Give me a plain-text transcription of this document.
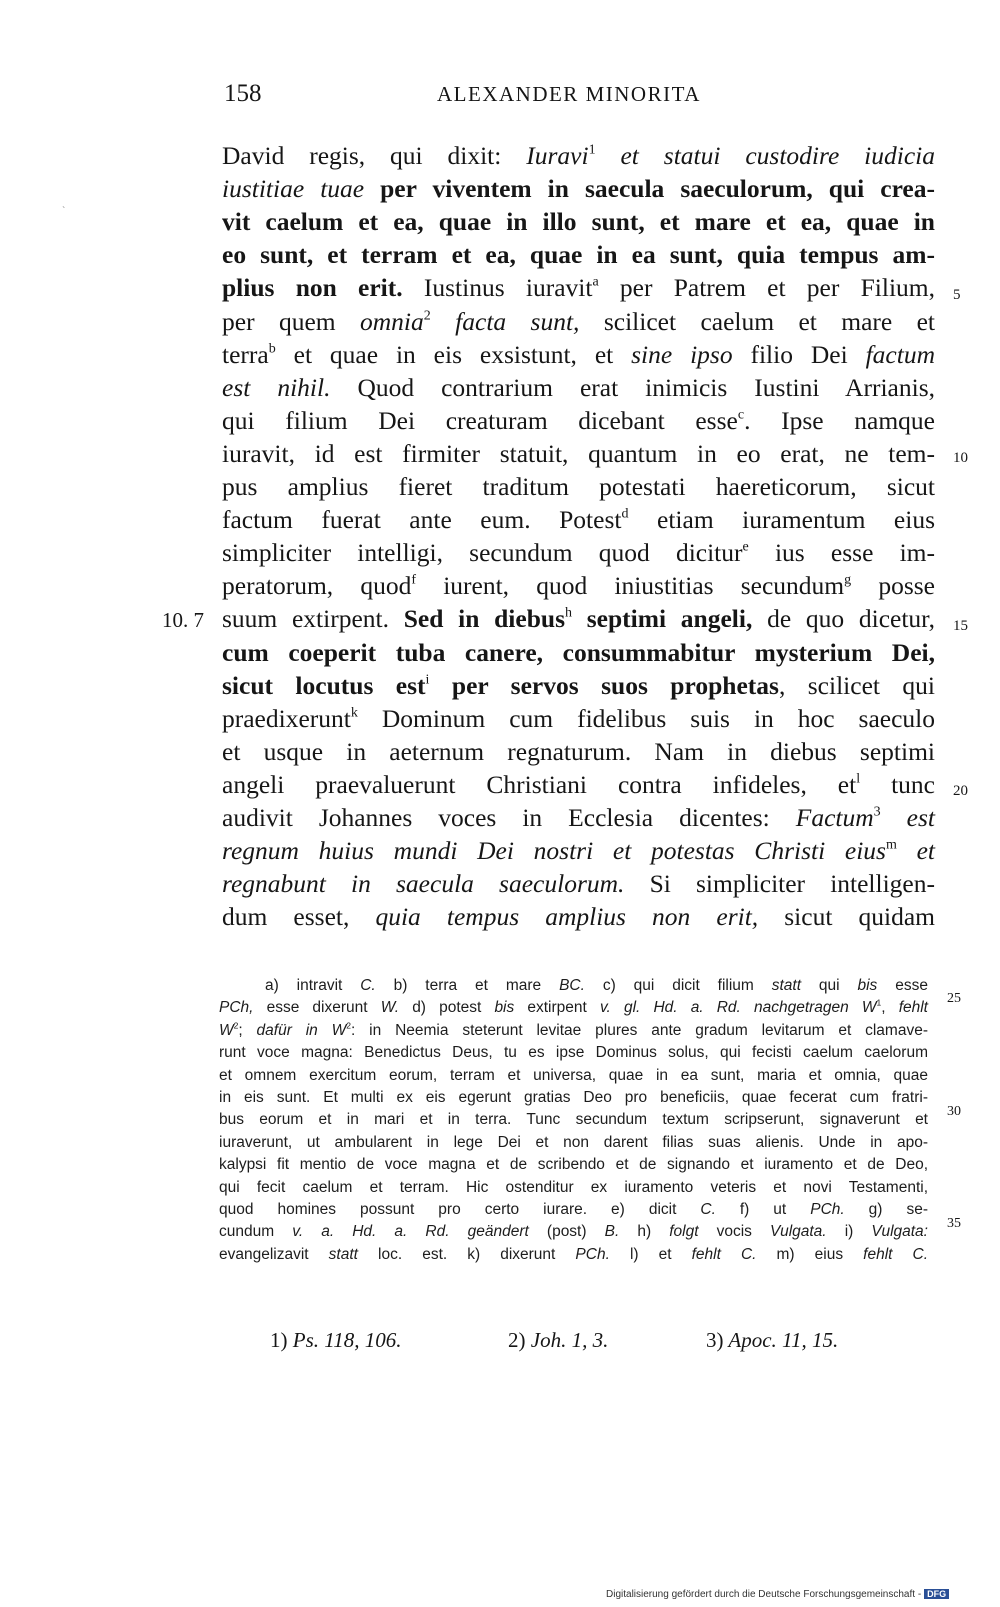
158	ALEXANDER MINORITA
ˋ
David regis, qui dixit: Iuravi$^1$ et statui custodire iudicia
iustitiae tuae per viventem in saecula saeculorum, qui crea-
vit caelum et ea, quae in illo sunt, et mare et ea, quae in
eo sunt, et terram et ea, quae in ea sunt, quia tempus am-
plius non erit. Iustinus iuravit$^a$ per Patrem et per Filium,
per quem omnia$^2$ facta sunt, scilicet caelum et mare et
terra$^b$ et quae in eis exsistunt, et sine ipso filio Dei factum
est nihil. Quod contrarium erat inimicis Iustini Arrianis,
qui filium Dei creaturam dicebant esse$^c$. Ipse namque
iuravit, id est firmiter statuit, quantum in eo erat, ne tem-
pus amplius fieret traditum potestati haereticorum, sicut
factum fuerat ante eum. Potest$^d$ etiam iuramentum eius
simpliciter intelligi, secundum quod dicitur$^e$ ius esse im-
peratorum, quod$^f$ iurent, quod iniustitias secundum$^g$ posse
suum extirpent. Sed in diebus$^h$ septimi angeli, de quo dicetur,
cum coeperit tuba canere, consummabitur mysterium Dei,
sicut locutus est$^i$ per servos suos prophetas, scilicet qui
praedixerunt$^k$ Dominum cum fidelibus suis in hoc saeculo
et usque in aeternum regnaturum. Nam in diebus septimi
angeli praevaluerunt Christiani contra infideles, $et^l$ tunc
audivit Johannes voces in Ecclesia dicentes: Factum$^3$ est
regnum huius mundi Dei nostri et potestas Christi eius$^m$ et
regnabunt in saecula saeculorum. Si simpliciter intelligen-
dum esset, quia tempus amplius non erit, sicut quidam
5
10
15
20
10. 7
a) intravit C. b) terra et mare BC. c) qui dicit filium statt qui bis esse
PCh, esse dixerunt W. d) potest bis extirpent v. gl. Hd. a. Rd. nachgetragen $W^1$, fehlt
$W^2$; dafür in $W^2$: in Neemia steterunt levitae plures ante gradum levitarum et clamave-
runt voce magna: Benedictus Deus, tu es ipse Dominus solus, qui fecisti caelum caelorum
et omnem exercitum eorum, terram et universa, quae in ea sunt, maria et omnia, quae
in eis sunt. Et multi ex eis egerunt gratias Deo pro beneficiis, quae fecerat cum fratri-
bus eorum et in mari et in terra. Tunc secundum textum scripserunt, signaverunt et
iuraverunt, ut ambularent in lege Dei et non darent filias suas alienis. Unde in apo-
kalypsi fit mentio de voce magna et de scribendo et de signando et iuramento et de Deo,
qui fecit caelum et terram. Hic ostenditur ex iuramento veteris et novi Testamenti,
quod homines possunt pro certo iurare. e) dicit C. f) ut PCh. g) se-
cundum v. a. Hd. a. Rd. geändert (post) B. h) folgt vocis Vulgata. i) Vulgata:
evangelizavit statt loc. est. k) dixerunt PCh. l) et fehlt C. m) eius fehlt C.
25
30
35
1) Ps. 118, 106.	2) Joh. 1, 3.	3) Apoc. 11, 15.
Digitalisierung gefördert durch die Deutsche Forschungsgemeinschaft - DFG
